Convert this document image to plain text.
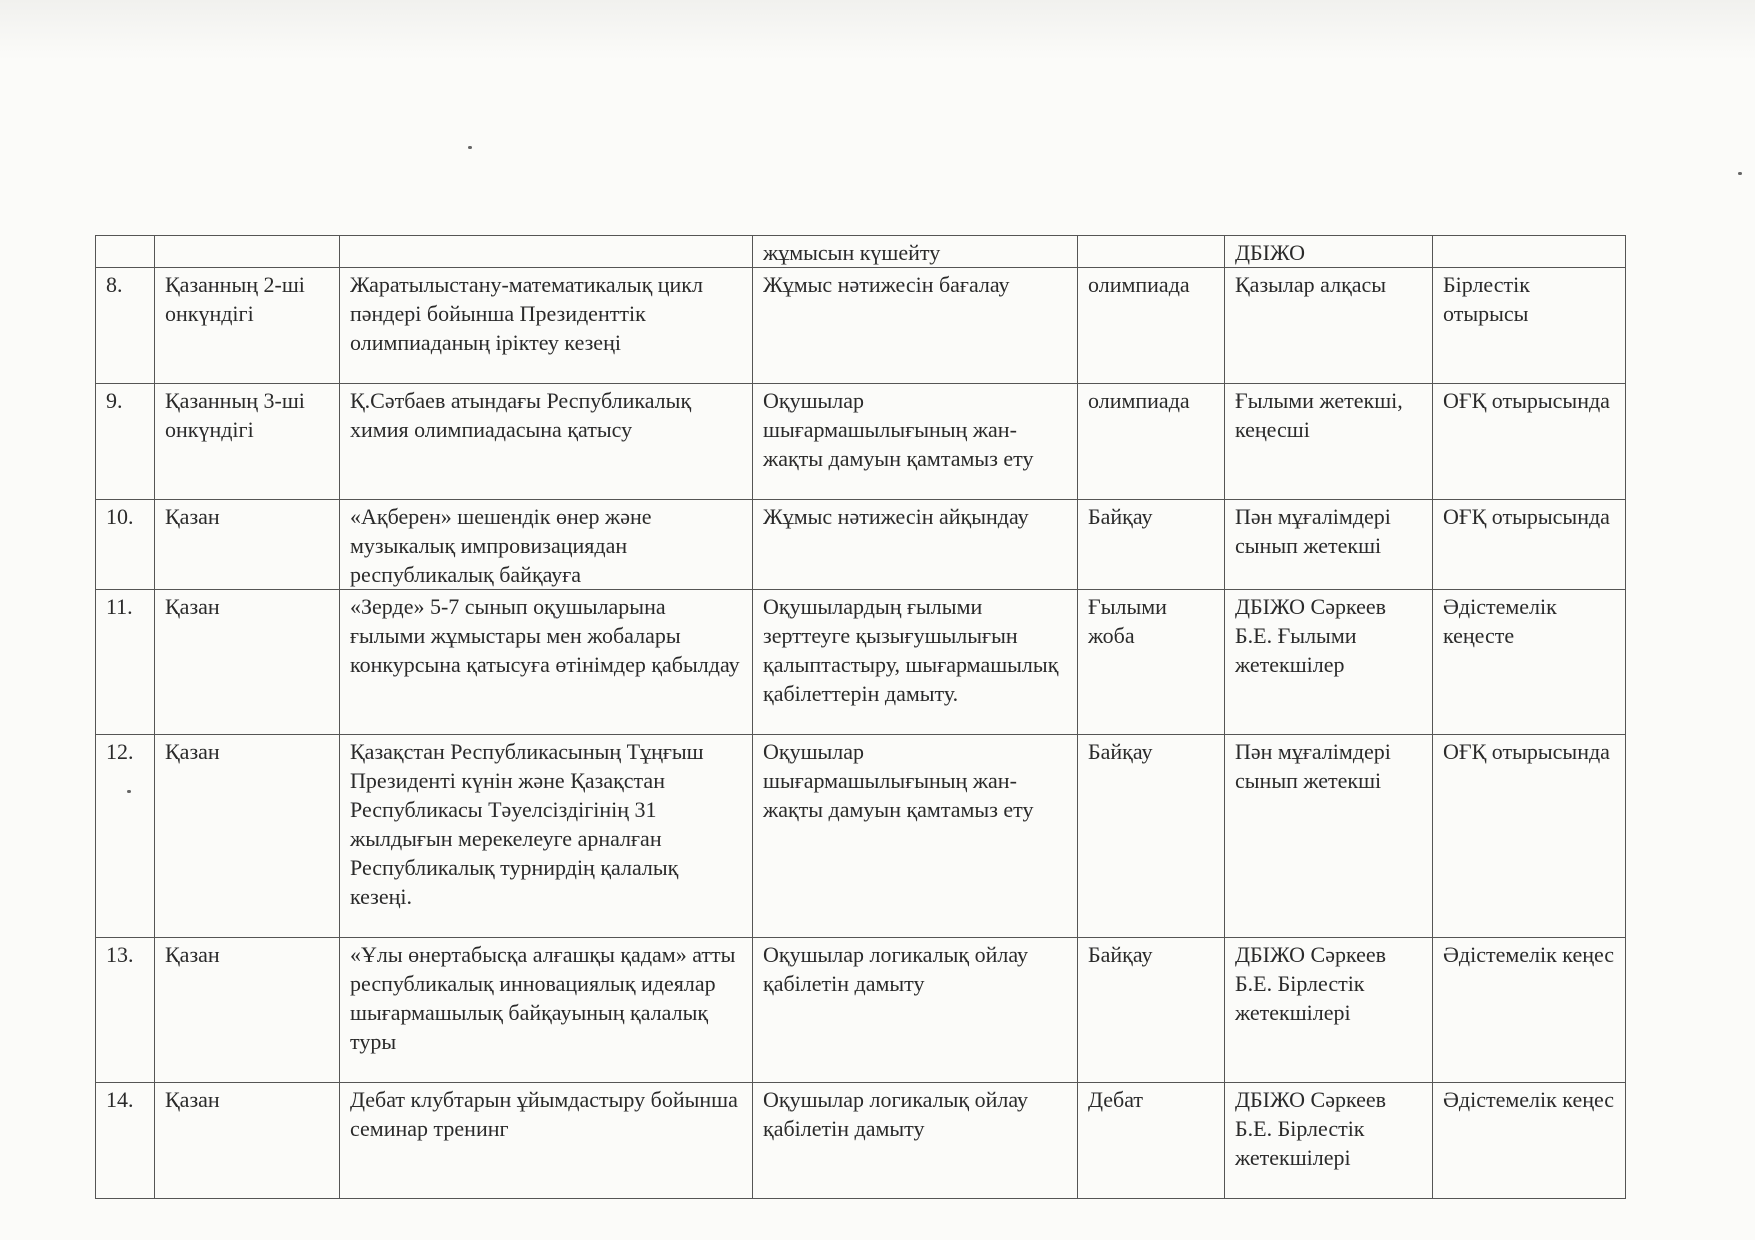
			жұмысын күшейту		ДБІЖО	
8.	Қазанның 2-ші онкүндігі	Жаратылыстану-математикалық цикл пәндері бойынша Президенттік олимпиаданың іріктеу кезеңі	Жұмыс нәтижесін бағалау	олимпиада	Қазылар алқасы	Бірлестік отырысы
9.	Қазанның 3-ші онкүндігі	Қ.Сәтбаев атындағы Республикалық химия олимпиадасына қатысу	Оқушылар шығармашылығының жан-жақты дамуын қамтамыз ету	олимпиада	Ғылыми жетекші, кеңесші	ОҒҚ отырысында
10.	Қазан	«Ақберен» шешендік өнер және музыкалық импровизациядан республикалық байқауға	Жұмыс нәтижесін айқындау	Байқау	Пән мұғалімдері сынып жетекші	ОҒҚ отырысында
11.	Қазан	«Зерде» 5-7 сынып оқушыларына ғылыми жұмыстары мен жобалары конкурсына қатысуға өтінімдер қабылдау	Оқушылардың ғылыми зерттеуге қызығушылығын қалыптастыру, шығармашылық қабілеттерін дамыту.	Ғылыми жоба	ДБІЖО Сәркеев Б.Е. Ғылыми жетекшілер	Әдістемелік кеңесте
12.	Қазан	Қазақстан Республикасының Тұңғыш Президенті күнін және Қазақстан Республикасы Тәуелсіздігінің 31 жылдығын мерекелеуге арналған Республикалық турнирдің қалалық кезеңі.	Оқушылар шығармашылығының жан-жақты дамуын қамтамыз ету	Байқау	Пән мұғалімдері сынып жетекші	ОҒҚ отырысында
13.	Қазан	«Ұлы өнертабысқа алғашқы қадам» атты республикалық инновациялық идеялар шығармашылық байқауының қалалық туры	Оқушылар логикалық ойлау қабілетін дамыту	Байқау	ДБІЖО Сәркеев Б.Е. Бірлестік жетекшілері	Әдістемелік кеңес
14.	Қазан	Дебат клубтарын ұйымдастыру бойынша семинар тренинг	Оқушылар логикалық ойлау қабілетін дамыту	Дебат	ДБІЖО Сәркеев Б.Е. Бірлестік жетекшілері	Әдістемелік кеңес
